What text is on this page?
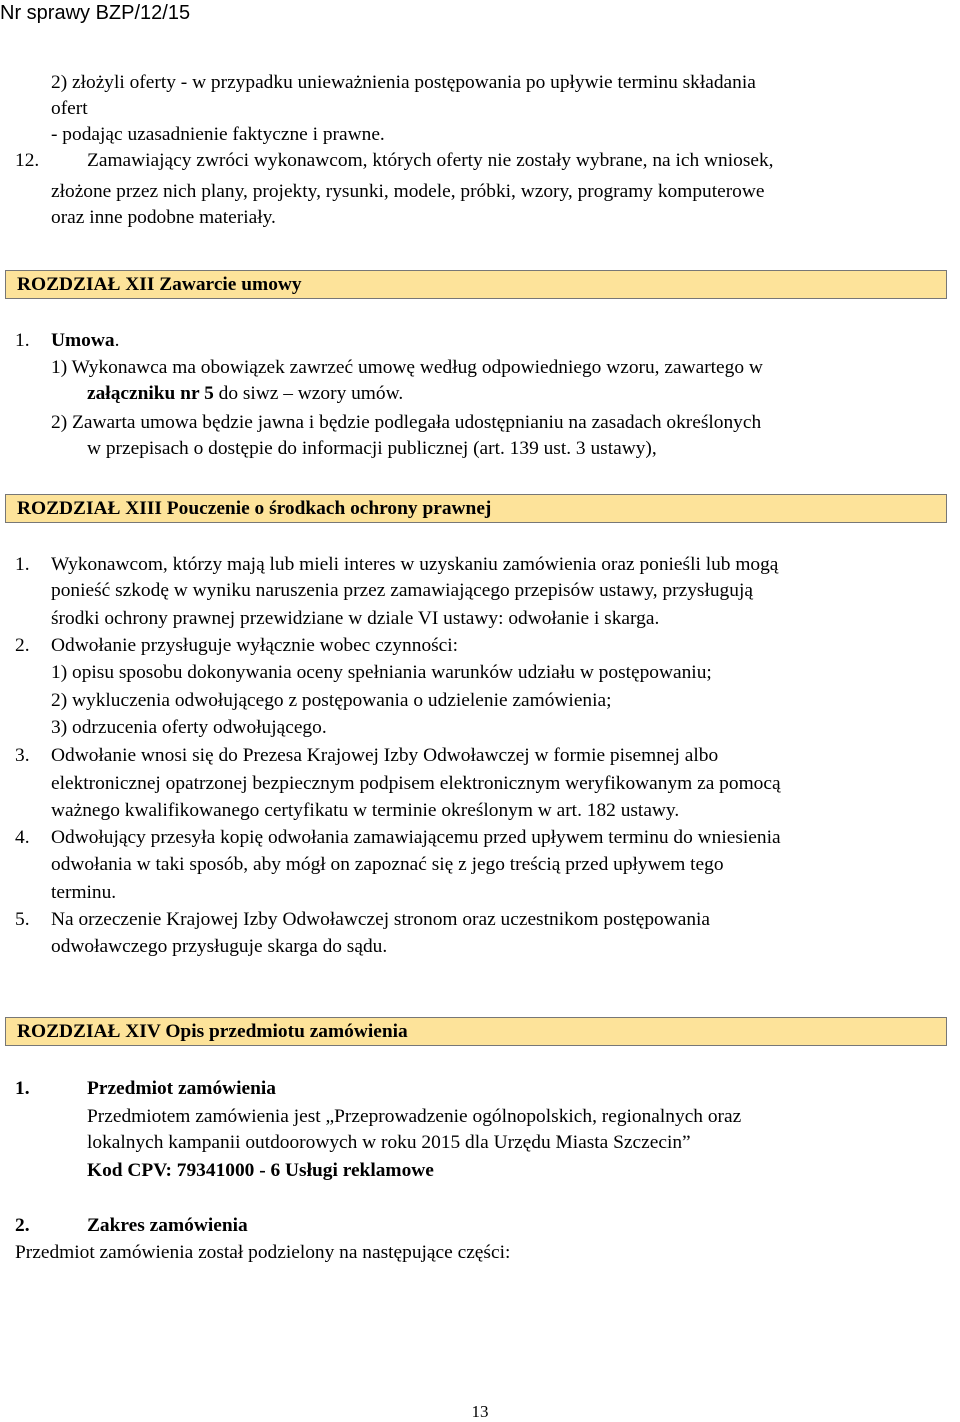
Nr sprawy BZP/12/15
2) złożyli oferty - w przypadku unieważnienia postępowania po upływie terminu składania
ofert
- podając uzasadnienie faktyczne i prawne.
12. Zamawiający zwróci wykonawcom, których oferty nie zostały wybrane, na ich wniosek,
złożone przez nich plany, projekty, rysunki, modele, próbki, wzory, programy komputerowe
oraz inne podobne materiały.
ROZDZIAŁ XII Zawarcie umowy
1. Umowa.
1) Wykonawca ma obowiązek zawrzeć umowę według odpowiedniego wzoru, zawartego w
załączniku nr 5 do siwz – wzory umów.
2) Zawarta umowa będzie jawna i będzie podlegała udostępnianiu na zasadach określonych
w przepisach o dostępie do informacji publicznej (art. 139 ust. 3 ustawy),
ROZDZIAŁ XIII Pouczenie o środkach ochrony prawnej
1. Wykonawcom, którzy mają lub mieli interes w uzyskaniu zamówienia oraz ponieśli lub mogą
ponieść szkodę w wyniku naruszenia przez zamawiającego przepisów ustawy, przysługują
środki ochrony prawnej przewidziane w dziale VI ustawy: odwołanie i skarga.
2. Odwołanie przysługuje wyłącznie wobec czynności:
1) opisu sposobu dokonywania oceny spełniania warunków udziału w postępowaniu;
2) wykluczenia odwołującego z postępowania o udzielenie zamówienia;
3) odrzucenia oferty odwołującego.
3. Odwołanie wnosi się do Prezesa Krajowej Izby Odwoławczej w formie pisemnej albo
elektronicznej opatrzonej bezpiecznym podpisem elektronicznym weryfikowanym za pomocą
ważnego kwalifikowanego certyfikatu w terminie określonym w art. 182 ustawy.
4. Odwołujący przesyła kopię odwołania zamawiającemu przed upływem terminu do wniesienia
odwołania w taki sposób, aby mógł on zapoznać się z jego treścią przed upływem tego
terminu.
5. Na orzeczenie Krajowej Izby Odwoławczej stronom oraz uczestnikom postępowania
odwoławczego przysługuje skarga do sądu.
ROZDZIAŁ XIV Opis przedmiotu zamówienia
1.	Przedmiot zamówienia
Przedmiotem zamówienia jest „Przeprowadzenie ogólnopolskich, regionalnych oraz
lokalnych kampanii outdoorowych w roku 2015 dla Urzędu Miasta Szczecin”
Kod CPV: 79341000 - 6 Usługi reklamowe
2.	Zakres zamówienia
Przedmiot zamówienia został podzielony na następujące części:
13
